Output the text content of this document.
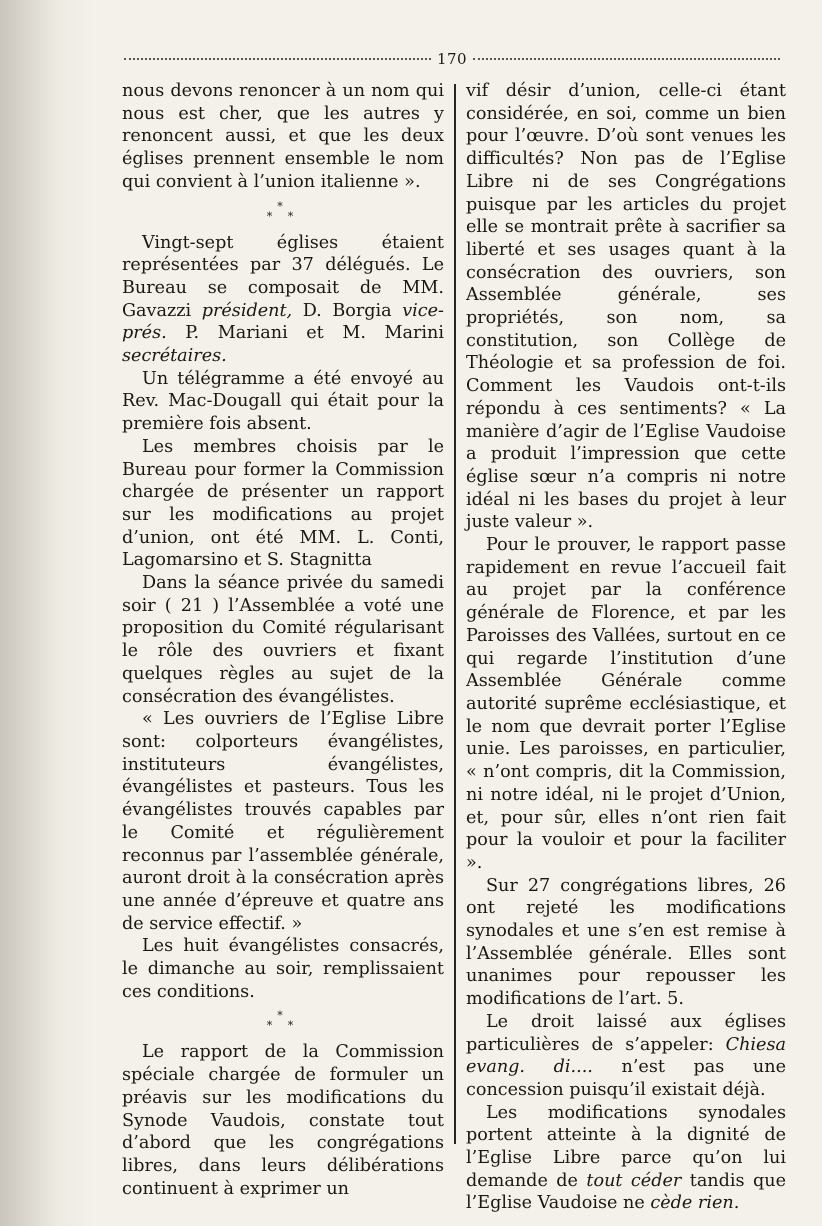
170

nous devons renoncer à un nom qui nous est cher, que les autres y renoncent aussi, et que les deux églises prennent ensemble le nom qui convient à l’union italienne ».

*
* *

Vingt-sept églises étaient représentées par 37 délégués. Le Bureau se composait de MM. Gavazzi président, D. Borgia vice-prés. P. Mariani et M. Marini secrétaires.

Un télégramme a été envoyé au Rev. Mac-Dougall qui était pour la première fois absent.

Les membres choisis par le Bureau pour former la Commission chargée de présenter un rapport sur les modifications au projet d’union, ont été MM. L. Conti, Lagomarsino et S. Stagnitta

Dans la séance privée du samedi soir ( 21 ) l’Assemblée a voté une proposition du Comité régularisant le rôle des ouvriers et fixant quelques règles au sujet de la consécration des évangélistes.

« Les ouvriers de l’Eglise Libre sont: colporteurs évangélistes, instituteurs évangélistes, évangélistes et pasteurs. Tous les évangélistes trouvés capables par le Comité et régulièrement reconnus par l’assemblée générale, auront droit à la consécration après une année d’épreuve et quatre ans de service effectif. »

Les huit évangélistes consacrés, le dimanche au soir, remplissaient ces conditions.

*
* *

Le rapport de la Commission spéciale chargée de formuler un préavis sur les modifications du Synode Vaudois, constate tout d’abord que les congrégations libres, dans leurs délibérations continuent à exprimer un

vif désir d’union, celle-ci étant considérée, en soi, comme un bien pour l’œuvre. D’où sont venues les difficultés? Non pas de l’Eglise Libre ni de ses Congrégations puisque par les articles du projet elle se montrait prête à sacrifier sa liberté et ses usages quant à la consécration des ouvriers, son Assemblée générale, ses propriétés, son nom, sa constitution, son Collège de Théologie et sa profession de foi. Comment les Vaudois ont-t-ils répondu à ces sentiments? « La manière d’agir de l’Eglise Vaudoise a produit l’impression que cette église sœur n’a compris ni notre idéal ni les bases du projet à leur juste valeur ».

Pour le prouver, le rapport passe rapidement en revue l’accueil fait au projet par la conférence générale de Florence, et par les Paroisses des Vallées, surtout en ce qui regarde l’institution d’une Assemblée Générale comme autorité suprême ecclésiastique, et le nom que devrait porter l’Eglise unie. Les paroisses, en particulier, « n’ont compris, dit la Commission, ni notre idéal, ni le projet d’Union, et, pour sûr, elles n’ont rien fait pour la vouloir et pour la faciliter ».

Sur 27 congrégations libres, 26 ont rejeté les modifications synodales et une s’en est remise à l’Assemblée générale. Elles sont unanimes pour repousser les modifications de l’art. 5.

Le droit laissé aux églises particulières de s’appeler: Chiesa evang. di.... n’est pas une concession puisqu’il existait déjà.

Les modifications synodales portent atteinte à la dignité de l’Eglise Libre parce qu’on lui demande de tout céder tandis que l’Eglise Vaudoise ne cède rien.
